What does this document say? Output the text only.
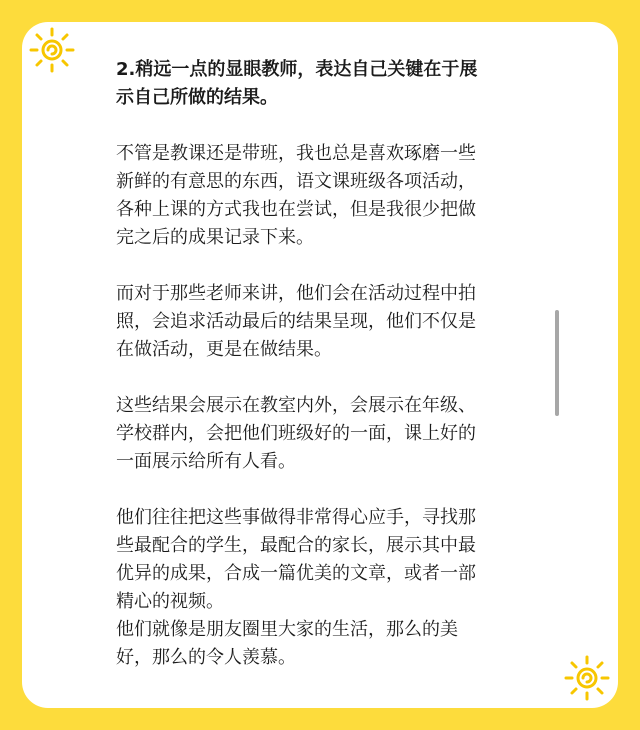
2.稍远一点的显眼教师，表达自己关键在于展
示自己所做的结果。
不管是教课还是带班，我也总是喜欢琢磨一些
新鲜的有意思的东西，语文课班级各项活动，
各种上课的方式我也在尝试，但是我很少把做
完之后的成果记录下来。
而对于那些老师来讲，他们会在活动过程中拍
照，会追求活动最后的结果呈现，他们不仅是
在做活动，更是在做结果。
这些结果会展示在教室内外，会展示在年级、
学校群内，会把他们班级好的一面，课上好的
一面展示给所有人看。
他们往往把这些事做得非常得心应手，寻找那
些最配合的学生，最配合的家长，展示其中最
优异的成果，合成一篇优美的文章，或者一部
精心的视频。
他们就像是朋友圈里大家的生活，那么的美
好，那么的令人羡慕。
